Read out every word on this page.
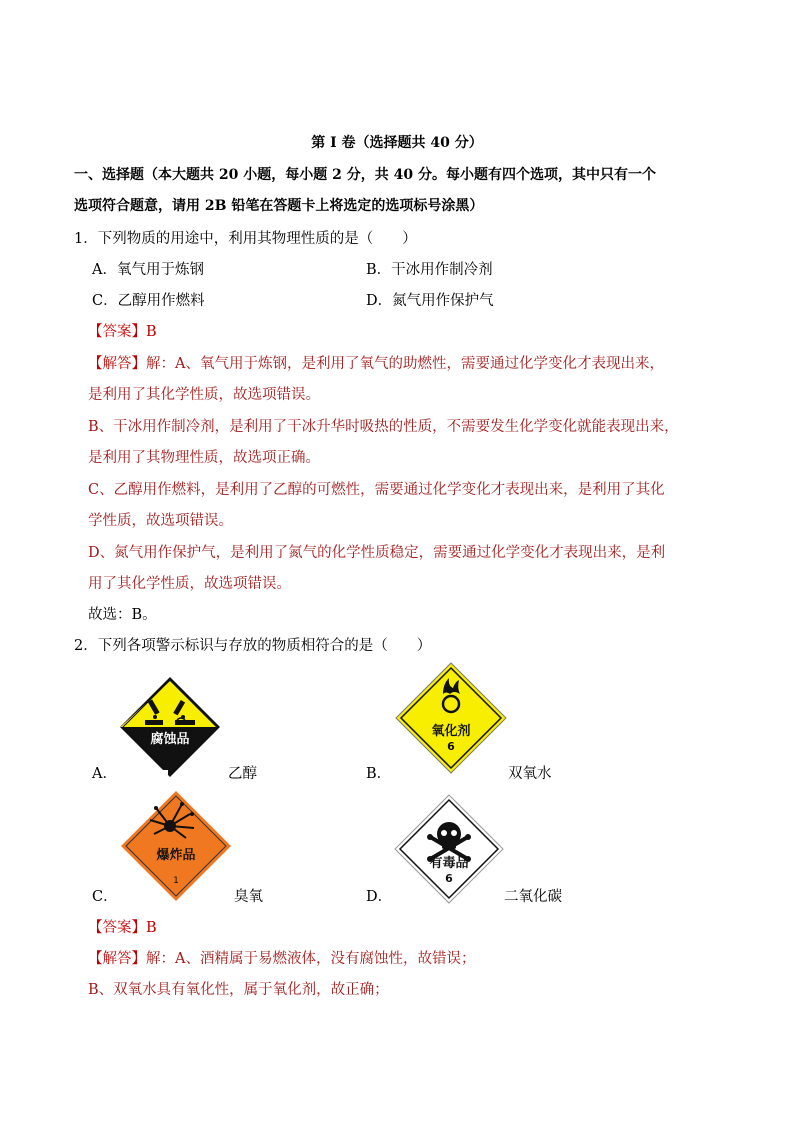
第 I 卷（选择题共 40 分）
一、选择题（本大题共 20 小题，每小题 2 分，共 40 分。每小题有四个选项，其中只有一个
选项符合题意，请用 2B 铅笔在答题卡上将选定的选项标号涂黑）
1．下列物质的用途中，利用其物理性质的是（　　）
A．氧气用于炼钢	B．干冰用作制冷剂
C．乙醇用作燃料	D．氮气用作保护气
【答案】B
【解答】解：A、氧气用于炼钢，是利用了氧气的助燃性，需要通过化学变化才表现出来，
是利用了其化学性质，故选项错误。
B、干冰用作制冷剂，是利用了干冰升华时吸热的性质，不需要发生化学变化就能表现出来，
是利用了其物理性质，故选项正确。
C、乙醇用作燃料，是利用了乙醇的可燃性，需要通过化学变化才表现出来，是利用了其化
学性质，故选项错误。
D、氮气用作保护气，是利用了氮气的化学性质稳定，需要通过化学变化才表现出来，是利
用了其化学性质，故选项错误。
故选：B。
2．下列各项警示标识与存放的物质相符合的是（　　）
腐蚀品
A．	乙醇
氧化剂
6
B．	双氧水
爆炸品
1
C．	臭氧
有毒品
6
D．	二氧化碳
【答案】B
【解答】解：A、酒精属于易燃液体，没有腐蚀性，故错误；
B、双氧水具有氧化性，属于氧化剂，故正确；
